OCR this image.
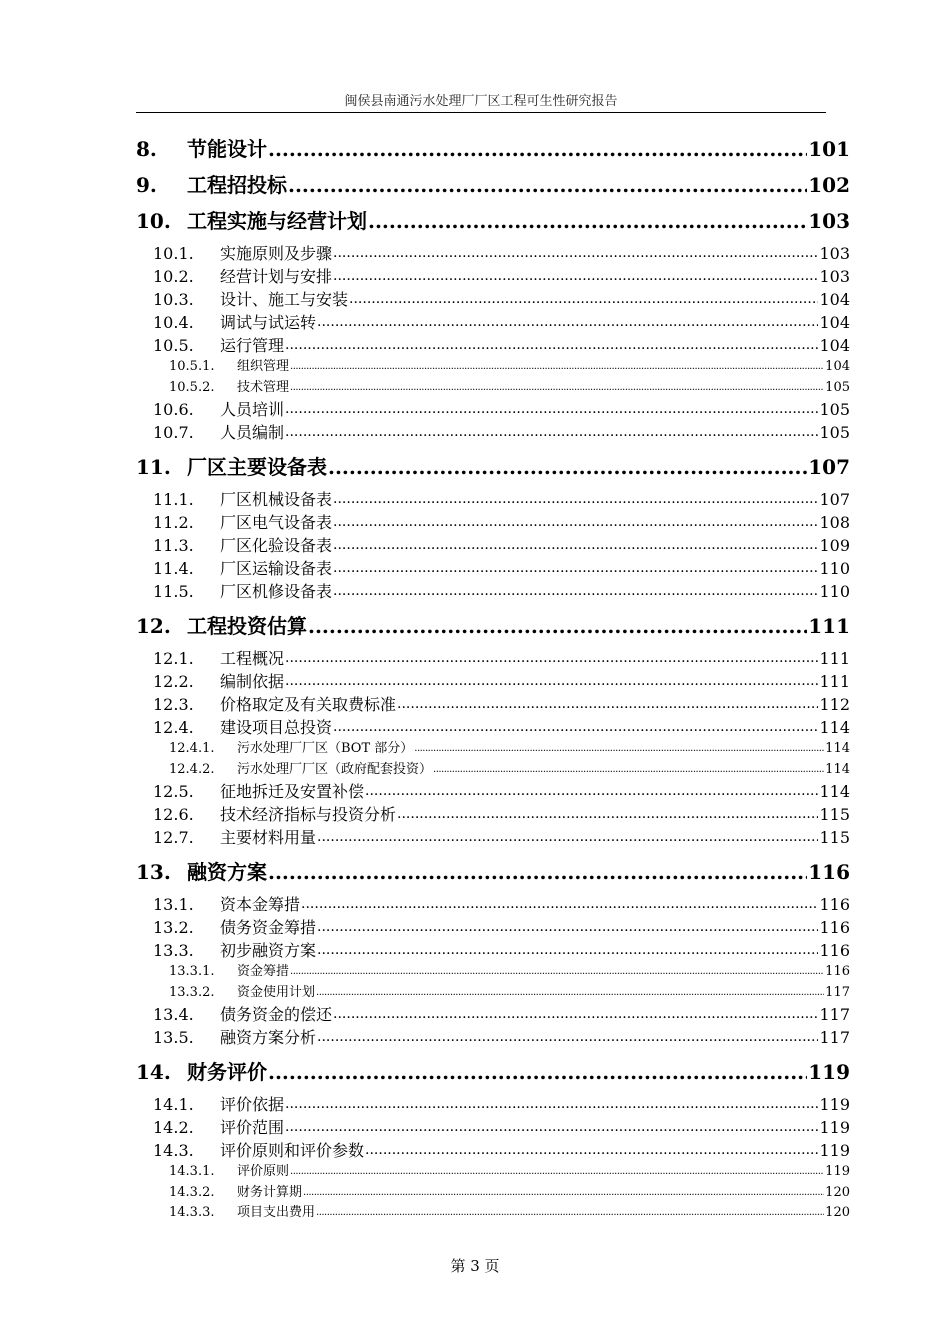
闽侯县南通污水处理厂厂区工程可生性研究报告
8.	节能设计 .....	101
9.	工程招投标 .....	102
10. 工程实施与经营计划 .....	103
10.1.	实施原则及步骤 .....	103
10.2.	经营计划与安排 .....	103
10.3.	设计、施工与安装 .....	104
10.4.	调试与试运转 .....	104
10.5.	运行管理 .....	104
10.5.1.	组织管理 .....	104
10.5.2.	技术管理 .....	105
10.6.	人员培训 .....	105
10.7.	人员编制 .....	105
11. 厂区主要设备表 .....	107
11.1.	厂区机械设备表 .....	107
11.2.	厂区电气设备表 .....	108
11.3.	厂区化验设备表 .....	109
11.4.	厂区运输设备表 .....	110
11.5.	厂区机修设备表 .....	110
12. 工程投资估算 .....	111
12.1.	工程概况 .....	111
12.2.	编制依据 .....	111
12.3.	价格取定及有关取费标准 .....	112
12.4.	建设项目总投资 .....	114
12.4.1.	污水处理厂厂区（BOT 部分） .....	114
12.4.2.	污水处理厂厂区（政府配套投资） .....	114
12.5.	征地拆迁及安置补偿 .....	114
12.6.	技术经济指标与投资分析 .....	115
12.7.	主要材料用量 .....	115
13. 融资方案 .....	116
13.1.	资本金筹措 .....	116
13.2.	债务资金筹措 .....	116
13.3.	初步融资方案 .....	116
13.3.1.	资金筹措 .....	116
13.3.2.	资金使用计划 .....	117
13.4.	债务资金的偿还 .....	117
13.5.	融资方案分析 .....	117
14. 财务评价 .....	119
14.1.	评价依据 .....	119
14.2.	评价范围 .....	119
14.3.	评价原则和评价参数 .....	119
14.3.1.	评价原则 .....	119
14.3.2.	财务计算期 .....	120
14.3.3.	项目支出费用 .....	120
第 3 页
